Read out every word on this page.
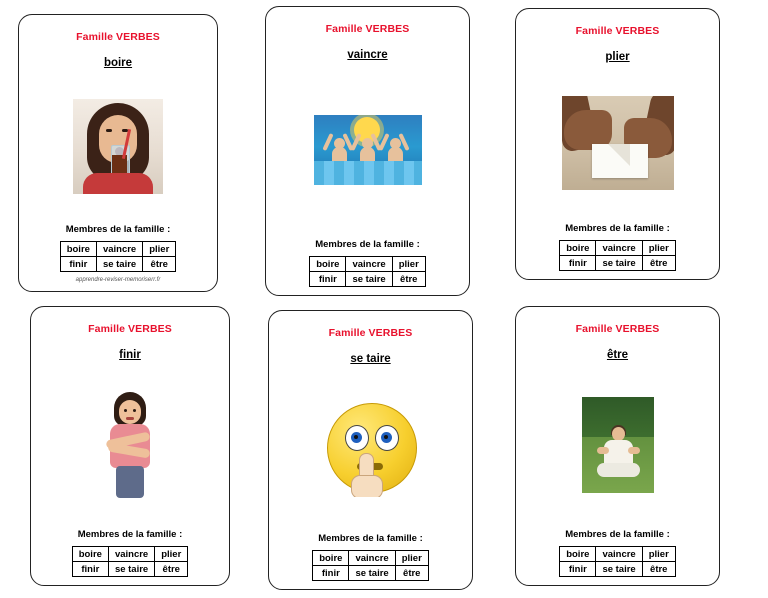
Famille VERBES
boire
Membres de la famille :
boire	vaincre	plier
finir	se taire	être
apprendre-reviser-memoriserr.fr
Famille VERBES
vaincre
Membres de la famille :
boire	vaincre	plier
finir	se taire	être
Famille VERBES
plier
Membres de la famille :
boire	vaincre	plier
finir	se taire	être
Famille VERBES
finir
Membres de la famille :
boire	vaincre	plier
finir	se taire	être
Famille VERBES
se taire
Membres de la famille :
boire	vaincre	plier
finir	se taire	être
Famille VERBES
être
Membres de la famille :
boire	vaincre	plier
finir	se taire	être
